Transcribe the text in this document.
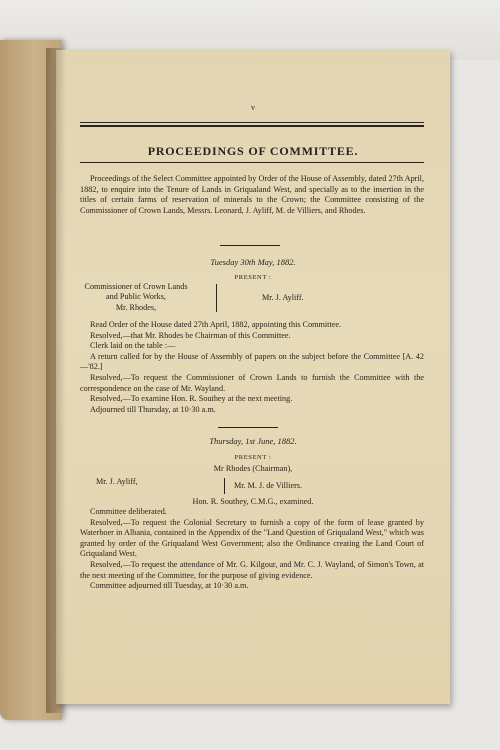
v
PROCEEDINGS OF COMMITTEE.

Proceedings of the Select Committee appointed by Order of the House of Assembly, dated 27th April, 1882, to enquire into the Tenure of Lands in Griqualand West, and specially as to the insertion in the titles of certain farms of reservation of minerals to the Crown; the Committee consisting of the Commissioner of Crown Lands, Messrs. Leonard, J. Ayliff, M. de Villiers, and Rhodes.

Tuesday 30th May, 1882.
PRESENT :
Commissioner of Crown Lands
and Public Works,
Mr. Rhodes,
Mr. J. Ayliff.

Read Order of the House dated 27th April, 1882, appointing this Committee.

Resolved,—that Mr. Rhodes be Chairman of this Committee.

Clerk laid on the table :—

A return called for by the House of Assembly of papers on the subject before the Committee [A. 42—'82.]

Resolved,—To request the Commissioner of Crown Lands to furnish the Committee with the correspondence on the case of Mr. Wayland.

Resolved,—To examine Hon. R. Southey at the next meeting.

Adjourned till Thursday, at 10·30 a.m.

Thursday, 1st June, 1882.
PRESENT :
Mr Rhodes (Chairman),
Mr. J. Ayliff,	Mr. M. J. de Villiers.
Hon. R. Southey, C.M.G., examined.

Committee deliberated.

Resolved,—To request the Colonial Secretary to furnish a copy of the form of lease granted by Waterboer in Albania, contained in the Appendix of the "Land Question of Griqualand West," which was granted by order of the Griqualand West Government; also the Ordinance creating the Land Court of Griqualand West.

Resolved,—To request the attendance of Mr. G. Kilgour, and Mr. C. J. Wayland, of Simon's Town, at the next meeting of the Committee, for the purpose of giving evidence.

Committee adjourned till Tuesday, at 10·30 a.m.
